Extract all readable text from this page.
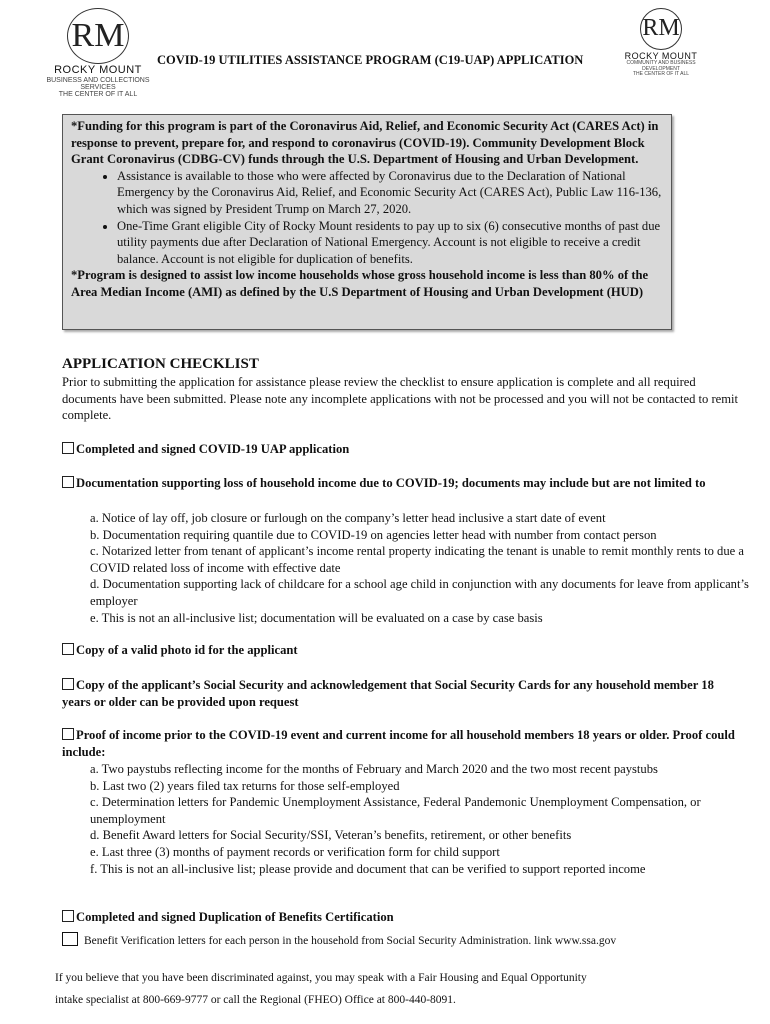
RM
ROCKY MOUNT
BUSINESS AND COLLECTIONS SERVICES
THE CENTER OF IT ALL
RM
ROCKY MOUNT
COMMUNITY AND BUSINESS
DEVELOPMENT
THE CENTER OF IT ALL
COVID-19 UTILITIES ASSISTANCE PROGRAM (C19-UAP) APPLICATION

*Funding for this program is part of the Coronavirus Aid, Relief, and Economic Security Act (CARES Act) in response to prevent, prepare for, and respond to coronavirus (COVID-19). Community Development Block Grant Coronavirus (CDBG-CV) funds through the U.S. Department of Housing and Urban Development.

• Assistance is available to those who were affected by Coronavirus due to the Declaration of National Emergency by the Coronavirus Aid, Relief, and Economic Security Act (CARES Act), Public Law 116-136, which was signed by President Trump on March 27, 2020.
• One-Time Grant eligible City of Rocky Mount residents to pay up to six (6) consecutive months of past due utility payments due after Declaration of National Emergency. Account is not eligible to receive a credit balance. Account is not eligible for duplication of benefits.

*Program is designed to assist low income households whose gross household income is less than 80% of the Area Median Income (AMI) as defined by the U.S Department of Housing and Urban Development (HUD)

APPLICATION CHECKLIST
Prior to submitting the application for assistance please review the checklist to ensure application is complete and all required documents have been submitted. Please note any incomplete applications with not be processed and you will not be contacted to remit complete.
Completed and signed COVID-19 UAP application
Documentation supporting loss of household income due to COVID-19; documents may include but are not limited to
a. Notice of lay off, job closure or furlough on the company’s letter head inclusive a start date of event
b. Documentation requiring quantile due to COVID-19 on agencies letter head with number from contact person
c. Notarized letter from tenant of applicant’s income rental property indicating the tenant is unable to remit monthly rents to due a COVID related loss of income with effective date
d. Documentation supporting lack of childcare for a school age child in conjunction with any documents for leave from applicant’s employer
e. This is not an all-inclusive list; documentation will be evaluated on a case by case basis
Copy of a valid photo id for the applicant
Copy of the applicant’s Social Security and acknowledgement that Social Security Cards for any household member 18 years or older can be provided upon request
Proof of income prior to the COVID-19 event and current income for all household members 18 years or older. Proof could include:
a. Two paystubs reflecting income for the months of February and March 2020 and the two most recent paystubs
b. Last two (2) years filed tax returns for those self-employed
c. Determination letters for Pandemic Unemployment Assistance, Federal Pandemonic Unemployment Compensation, or unemployment
d. Benefit Award letters for Social Security/SSI, Veteran’s benefits, retirement, or other benefits
e. Last three (3) months of payment records or verification form for child support
f. This is not an all-inclusive list; please provide and document that can be verified to support reported income
Completed and signed Duplication of Benefits Certification
Benefit Verification letters for each person in the household from Social Security Administration. link www.ssa.gov
If you believe that you have been discriminated against, you may speak with a Fair Housing and Equal Opportunity
intake specialist at 800-669-9777 or call the Regional (FHEO) Office at 800-440-8091.
